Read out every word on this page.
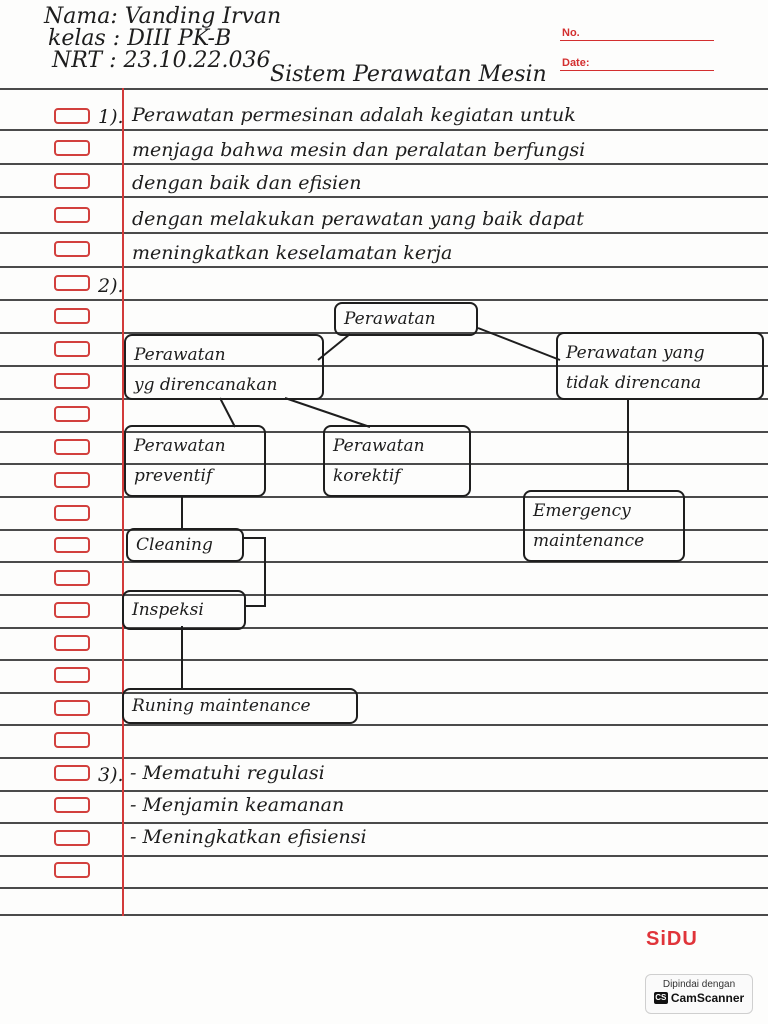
Nama: Vanding Irvan
kelas : DIII PK-B
NRT : 23.10.22.036
Sistem Perawatan Mesin
No.
Date:
1). Perawatan permesinan adalah kegiatan untuk
menjaga bahwa mesin dan peralatan berfungsi
dengan baik dan efisien
dengan melakukan perawatan yang baik dapat
meningkatkan keselamatan kerja
2).
Perawatan
Perawatan
yg direncanakan
Perawatan yang
tidak direncana
Perawatan
preventif
Perawatan
korektif
Emergency
maintenance
Cleaning
Inspeksi
Runing maintenance
3). - Mematuhi regulasi
- Menjamin keamanan
- Meningkatkan efisiensi
SiDU
Dipindai dengan
CS CamScanner
